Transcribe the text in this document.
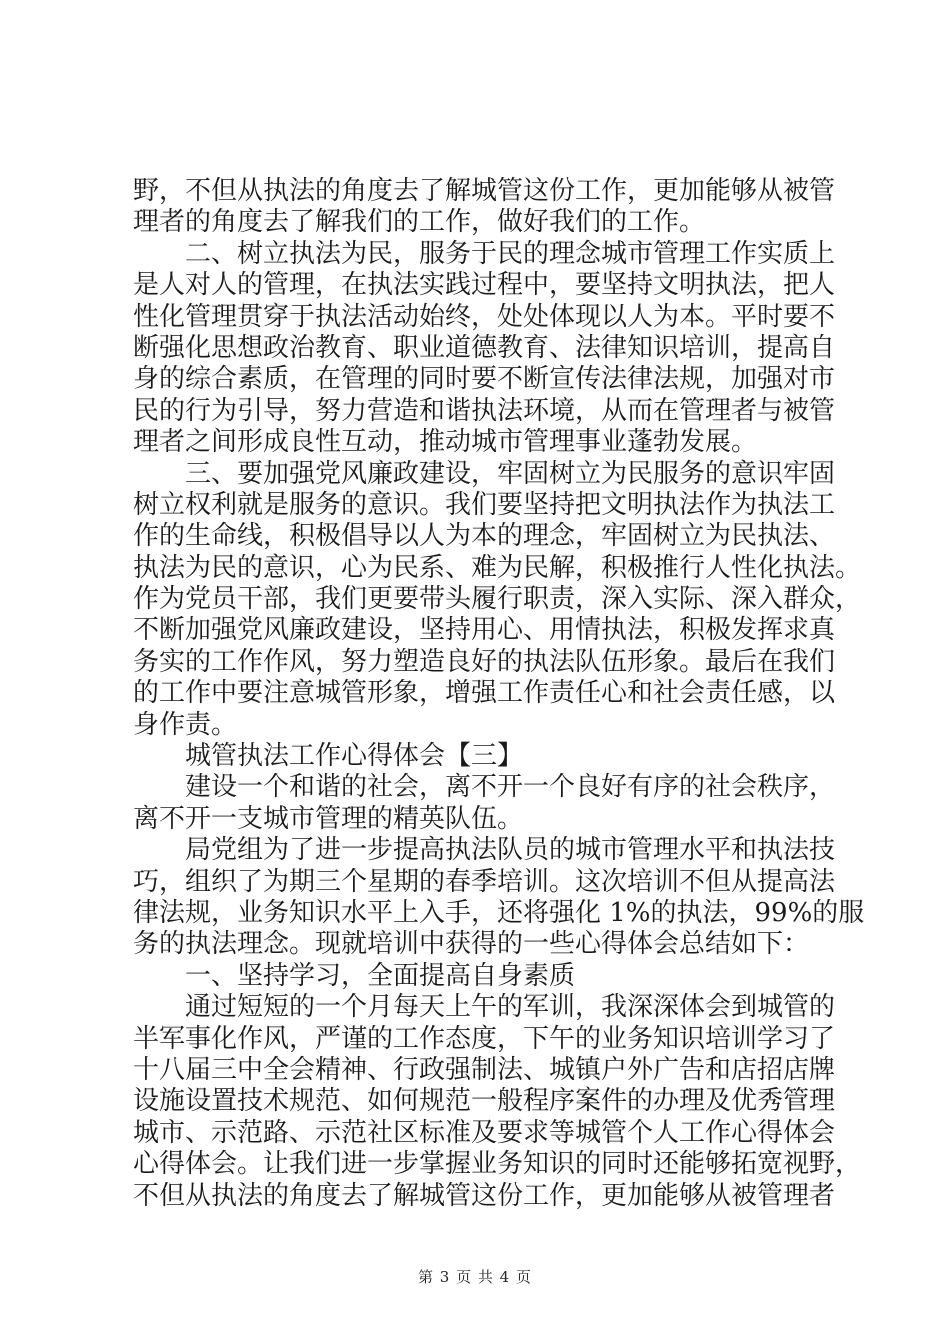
野，不但从执法的角度去了解城管这份工作，更加能够从被管
理者的角度去了解我们的工作，做好我们的工作。
二、树立执法为民，服务于民的理念城市管理工作实质上
是人对人的管理，在执法实践过程中，要坚持文明执法，把人
性化管理贯穿于执法活动始终，处处体现以人为本。平时要不
断强化思想政治教育、职业道德教育、法律知识培训，提高自
身的综合素质，在管理的同时要不断宣传法律法规，加强对市
民的行为引导，努力营造和谐执法环境，从而在管理者与被管
理者之间形成良性互动，推动城市管理事业蓬勃发展。
三、要加强党风廉政建设，牢固树立为民服务的意识牢固
树立权利就是服务的意识。我们要坚持把文明执法作为执法工
作的生命线，积极倡导以人为本的理念，牢固树立为民执法、
执法为民的意识，心为民系、难为民解，积极推行人性化执法。
作为党员干部，我们更要带头履行职责，深入实际、深入群众，
不断加强党风廉政建设，坚持用心、用情执法，积极发挥求真
务实的工作作风，努力塑造良好的执法队伍形象。最后在我们
的工作中要注意城管形象，增强工作责任心和社会责任感，以
身作责。
城管执法工作心得体会【三】
建设一个和谐的社会，离不开一个良好有序的社会秩序，
离不开一支城市管理的精英队伍。
局党组为了进一步提高执法队员的城市管理水平和执法技
巧，组织了为期三个星期的春季培训。这次培训不但从提高法
律法规，业务知识水平上入手，还将强化 1%的执法，99%的服
务的执法理念。现就培训中获得的一些心得体会总结如下：
一、坚持学习，全面提高自身素质
通过短短的一个月每天上午的军训，我深深体会到城管的
半军事化作风，严谨的工作态度，下午的业务知识培训学习了
十八届三中全会精神、行政强制法、城镇户外广告和店招店牌
设施设置技术规范、如何规范一般程序案件的办理及优秀管理
城市、示范路、示范社区标准及要求等城管个人工作心得体会
心得体会。让我们进一步掌握业务知识的同时还能够拓宽视野，
不但从执法的角度去了解城管这份工作，更加能够从被管理者
第 3 页 共 4 页
